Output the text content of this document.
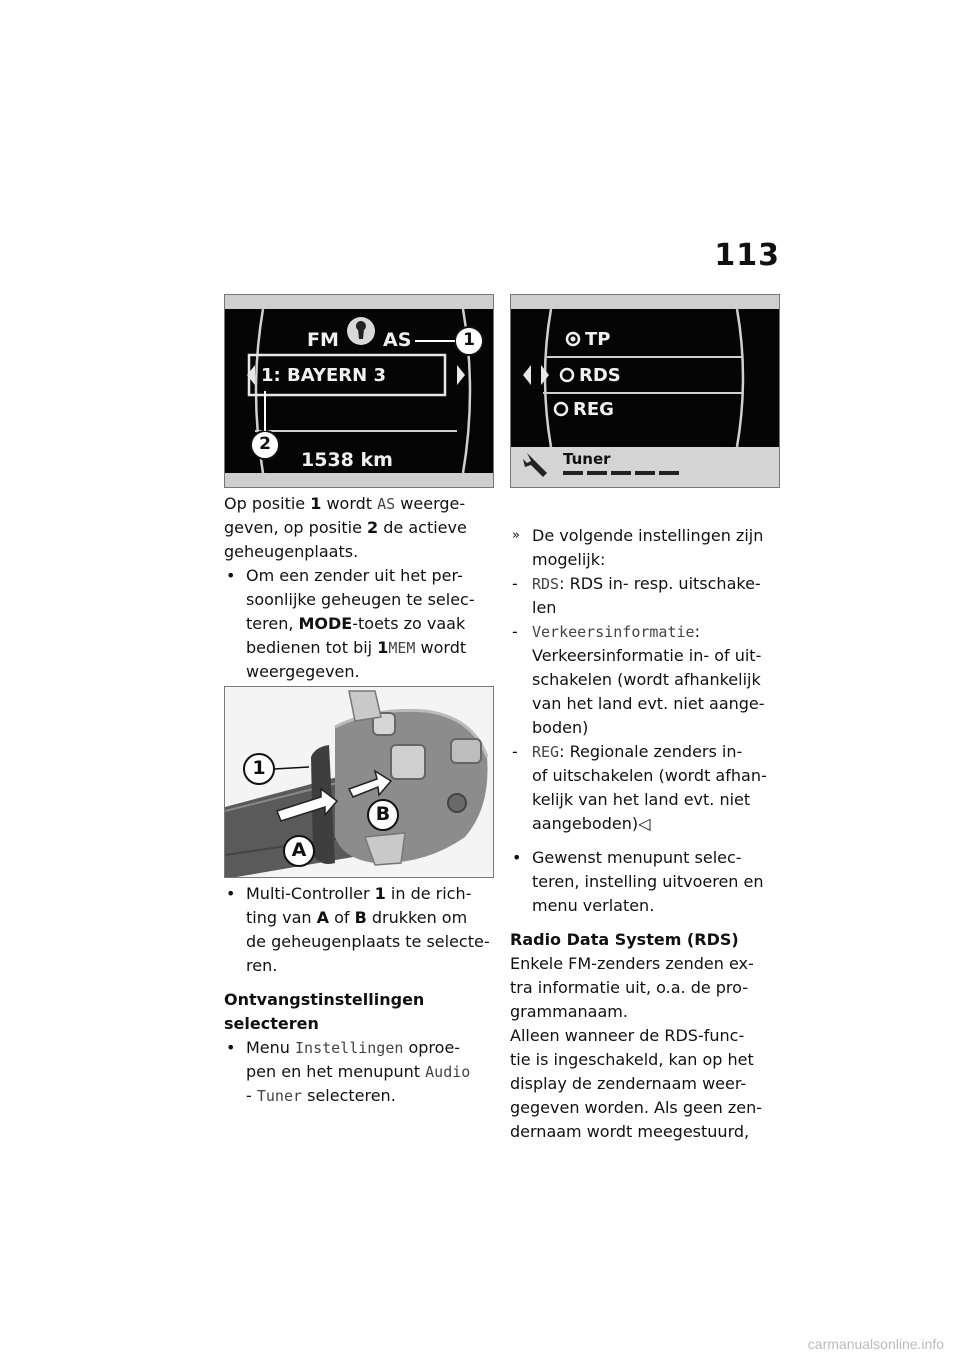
113
FM AS
1: BAYERN 3
1538 km
1
2
TP
RDS
REG
Tuner
1
A
B

Op positie 1 wordt AS weerge-
geven, op positie 2 de actieve
geheugenplaats.

• Om een zender uit het per-
soonlijke geheugen te selec-
teren, MODE-toets zo vaak
bedienen tot bij 1MEM wordt
weergegeven.

• Multi-Controller 1 in de rich-
ting van A of B drukken om
de geheugenplaats te selecte-
ren.

Ontvangstinstellingen
selecteren

• Menu Instellingen oproe-
pen en het menupunt Audio
- Tuner selecteren.

» De volgende instellingen zijn
mogelijk:

- RDS: RDS in- resp. uitschake-
len

- Verkeersinformatie:
Verkeersinformatie in- of uit-
schakelen (wordt afhankelijk
van het land evt. niet aange-
boden)

- REG: Regionale zenders in-
of uitschakelen (wordt afhan-
kelijk van het land evt. niet
aangeboden)◁

• Gewenst menupunt selec-
teren, instelling uitvoeren en
menu verlaten.

Radio Data System (RDS)

Enkele FM-zenders zenden ex-
tra informatie uit, o.a. de pro-
grammanaam.

Alleen wanneer de RDS-func-
tie is ingeschakeld, kan op het
display de zendernaam weer-
gegeven worden. Als geen zen-
dernaam wordt meegestuurd,

carmanualsonline.info
